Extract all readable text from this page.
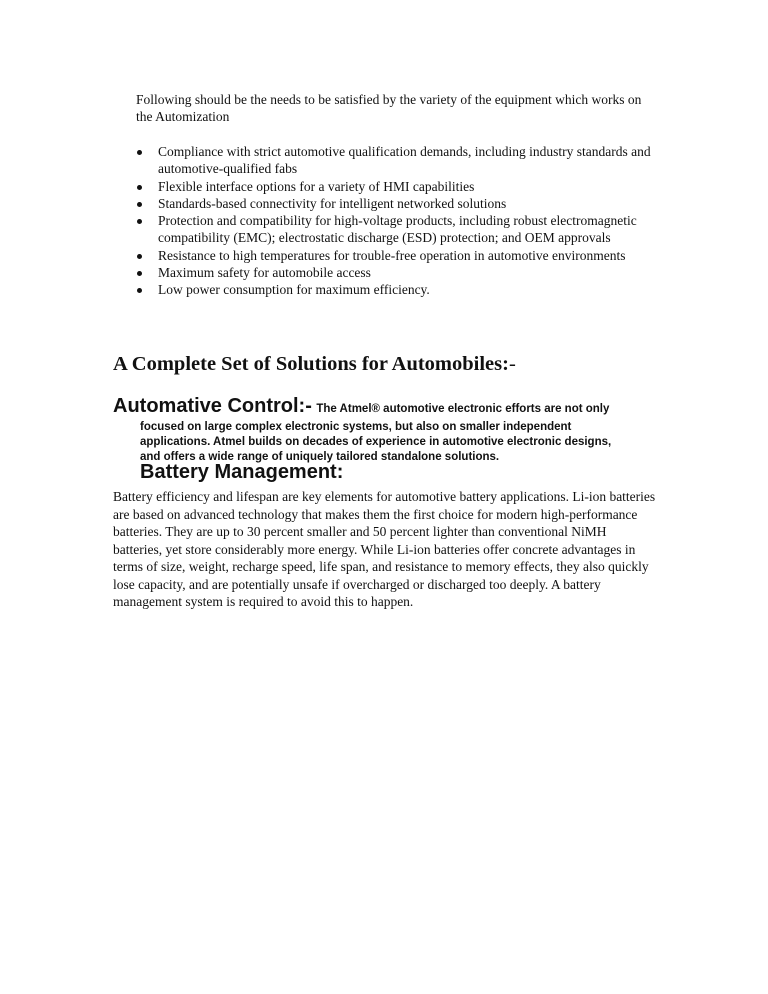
Following should be the needs to be satisfied by the variety of the equipment which works on the Automization

Compliance with strict automotive qualification demands, including industry standards and automotive-qualified fabs
Flexible interface options for a variety of HMI capabilities
Standards-based connectivity for intelligent networked solutions
Protection and compatibility for high-voltage products, including robust electromagnetic compatibility (EMC); electrostatic discharge (ESD) protection; and OEM approvals
Resistance to high temperatures for trouble-free operation in automotive environments
Maximum safety for automobile access
Low power consumption for maximum efficiency.
A Complete Set of Solutions for Automobiles:-

Automative Control:- The Atmel® automotive electronic efforts are not only

focused on large complex electronic systems, but also on smaller independent

applications. Atmel builds on decades of experience in automotive electronic designs,

and offers a wide range of uniquely tailored standalone solutions.

Battery Management:

Battery efficiency and lifespan are key elements for automotive battery applications. Li-ion batteries are based on advanced technology that makes them the first choice for modern high-performance batteries. They are up to 30 percent smaller and 50 percent lighter than conventional NiMH batteries, yet store considerably more energy. While Li-ion batteries offer concrete advantages in terms of size, weight, recharge speed, life span, and resistance to memory effects, they also quickly lose capacity, and are potentially unsafe if overcharged or discharged too deeply. A battery management system is required to avoid this to happen.
